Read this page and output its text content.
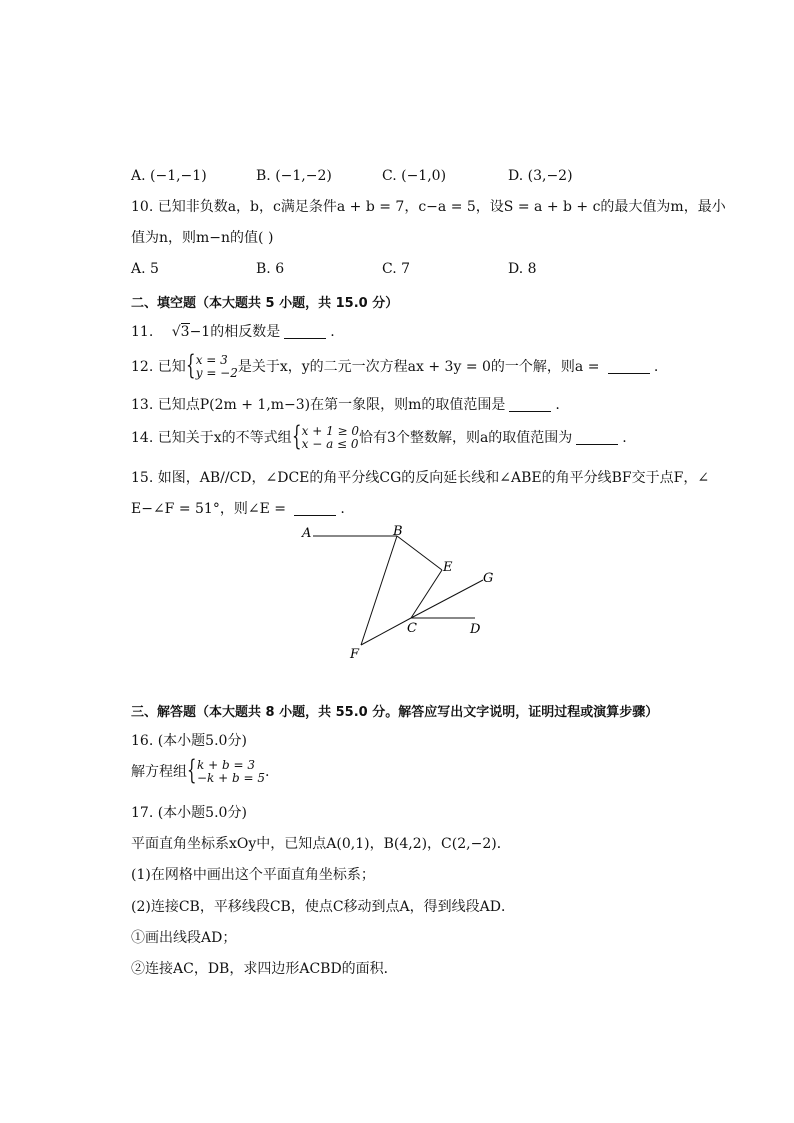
A. (−1,−1)	B. (−1,−2)	C. (−1,0)	D. (3,−2)
10. 已知非负数a，b，c满足条件a + b = 7，c−a = 5，设S = a + b + c的最大值为m，最小
值为n，则m−n的值( )
A. 5	B. 6	C. 7	D. 8
二、填空题（本大题共 5 小题，共 15.0 分）
11. √3−1的相反数是	.
12. 已知 { x = 3
y = −2 是关于x，y的二元一次方程ax + 3y = 0的一个解，则a =	.
13. 已知点P(2m + 1,m−3)在第一象限，则m的取值范围是	.
14. 已知关于x的不等式组 { x + 1 ≥ 0
x − a ≤ 0 恰有3个整数解，则a的取值范围为	.
15. 如图，AB//CD，∠DCE的角平分线CG的反向延长线和∠ABE的角平分线BF交于点F，∠
E−∠F = 51°，则∠E =	.
A	B
E
G
C	D
F
三、解答题（本大题共 8 小题，共 55.0 分。解答应写出文字说明，证明过程或演算步骤）
16. (本小题5.0分)
解方程组 { k + b = 3
−k + b = 5 .
17. (本小题5.0分)
平面直角坐标系xOy中，已知点A(0,1)，B(4,2)，C(2,−2)．
(1)在网格中画出这个平面直角坐标系；
(2)连接CB，平移线段CB，使点C移动到点A，得到线段AD．
①画出线段AD；
②连接AC，DB，求四边形ACBD的面积．
